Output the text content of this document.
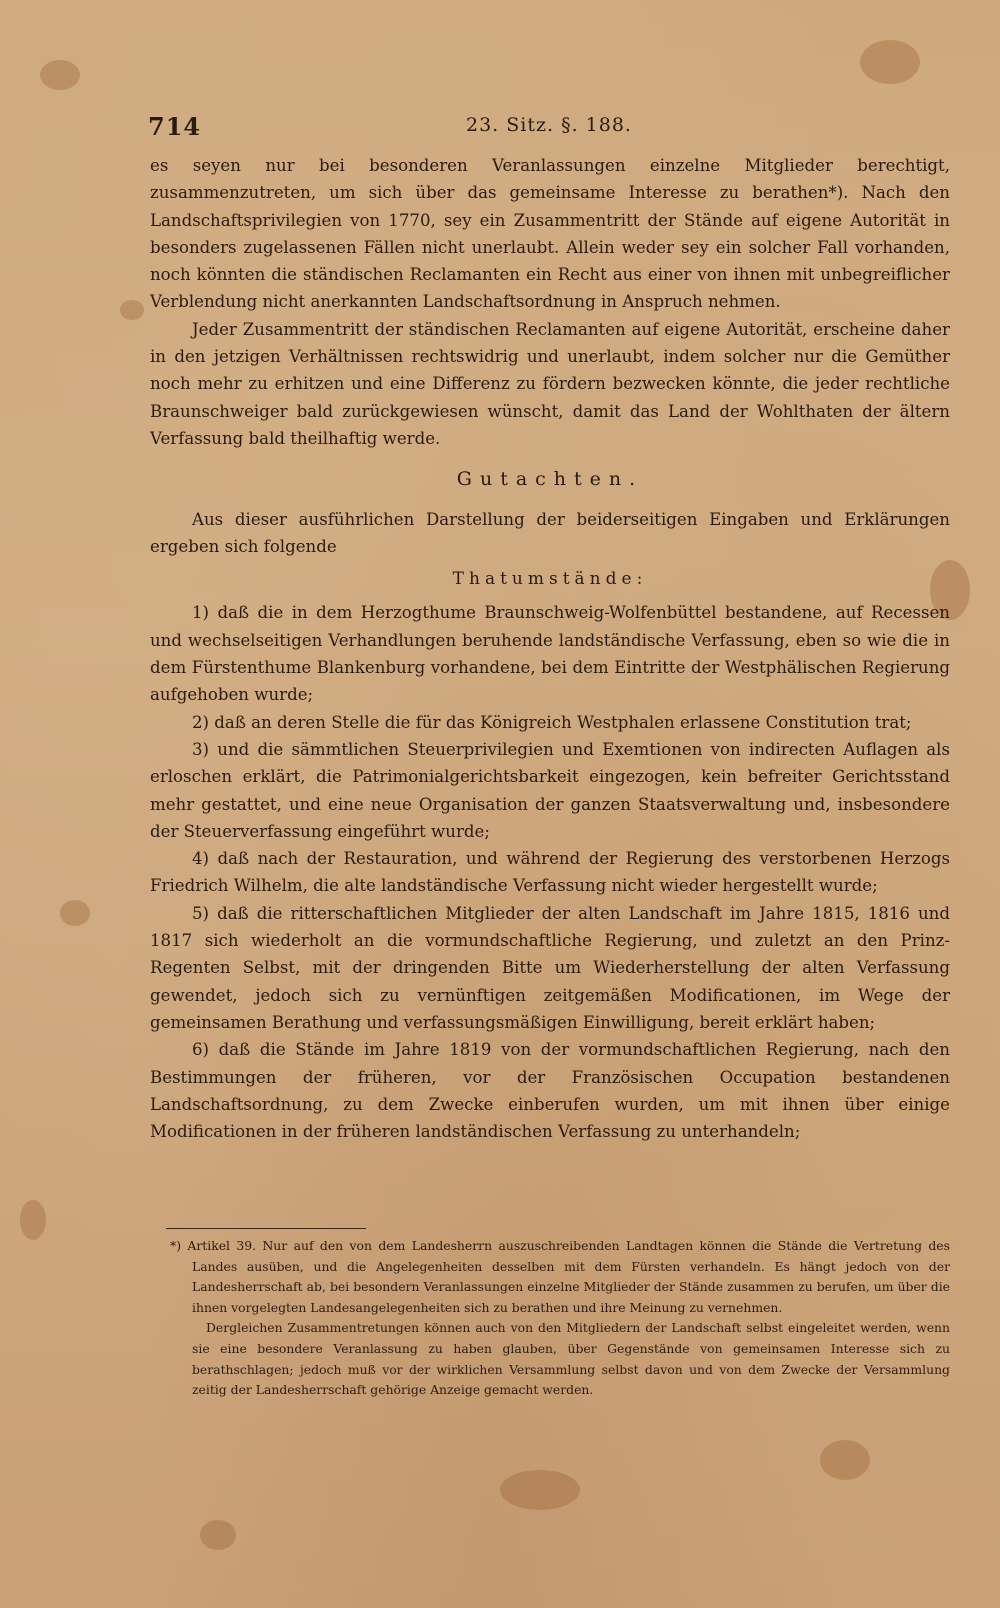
714	23. Sitz. §. 188.

es seyen nur bei besonderen Veranlassungen einzelne Mitglieder berechtigt, zusammenzutreten, um sich über das gemeinsame Interesse zu berathen*). Nach den Landschaftsprivilegien von 1770, sey ein Zusammentritt der Stände auf eigene Autorität in besonders zugelassenen Fällen nicht unerlaubt. Allein weder sey ein solcher Fall vorhanden, noch könnten die ständischen Reclamanten ein Recht aus einer von ihnen mit unbegreiflicher Verblendung nicht anerkannten Landschaftsordnung in Anspruch nehmen.

Jeder Zusammentritt der ständischen Reclamanten auf eigene Autorität, erscheine daher in den jetzigen Verhältnissen rechtswidrig und unerlaubt, indem solcher nur die Gemüther noch mehr zu erhitzen und eine Differenz zu fördern bezwecken könnte, die jeder rechtliche Braunschweiger bald zurückgewiesen wünscht, damit das Land der Wohlthaten der ältern Verfassung bald theilhaftig werde.

Gutachten.

Aus dieser ausführlichen Darstellung der beiderseitigen Eingaben und Erklärungen ergeben sich folgende

Thatumstände:

1) daß die in dem Herzogthume Braunschweig-Wolfenbüttel bestandene, auf Recessen und wechselseitigen Verhandlungen beruhende landständische Verfassung, eben so wie die in dem Fürstenthume Blankenburg vorhandene, bei dem Eintritte der Westphälischen Regierung aufgehoben wurde;

2) daß an deren Stelle die für das Königreich Westphalen erlassene Constitution trat;

3) und die sämmtlichen Steuerprivilegien und Exemtionen von indirecten Auflagen als erloschen erklärt, die Patrimonialgerichtsbarkeit eingezogen, kein befreiter Gerichtsstand mehr gestattet, und eine neue Organisation der ganzen Staatsverwaltung und, insbesondere der Steuerverfassung eingeführt wurde;

4) daß nach der Restauration, und während der Regierung des verstorbenen Herzogs Friedrich Wilhelm, die alte landständische Verfassung nicht wieder hergestellt wurde;

5) daß die ritterschaftlichen Mitglieder der alten Landschaft im Jahre 1815, 1816 und 1817 sich wiederholt an die vormundschaftliche Regierung, und zuletzt an den Prinz-Regenten Selbst, mit der dringenden Bitte um Wiederherstellung der alten Verfassung gewendet, jedoch sich zu vernünftigen zeitgemäßen Modificationen, im Wege der gemeinsamen Berathung und verfassungsmäßigen Einwilligung, bereit erklärt haben;

6) daß die Stände im Jahre 1819 von der vormundschaftlichen Regierung, nach den Bestimmungen der früheren, vor der Französischen Occupation bestandenen Landschaftsordnung, zu dem Zwecke einberufen wurden, um mit ihnen über einige Modificationen in der früheren landständischen Verfassung zu unterhandeln;

*) Artikel 39. Nur auf den von dem Landesherrn auszuschreibenden Landtagen können die Stände die Vertretung des Landes ausüben, und die Angelegenheiten desselben mit dem Fürsten verhandeln. Es hängt jedoch von der Landesherrschaft ab, bei besondern Veranlassungen einzelne Mitglieder der Stände zusammen zu berufen, um über die ihnen vorgelegten Landesangelegenheiten sich zu berathen und ihre Meinung zu vernehmen.

Dergleichen Zusammentretungen können auch von den Mitgliedern der Landschaft selbst eingeleitet werden, wenn sie eine besondere Veranlassung zu haben glauben, über Gegenstände von gemeinsamen Interesse sich zu berathschlagen; jedoch muß vor der wirklichen Versammlung selbst davon und von dem Zwecke der Versammlung zeitig der Landesherrschaft gehörige Anzeige gemacht werden.
